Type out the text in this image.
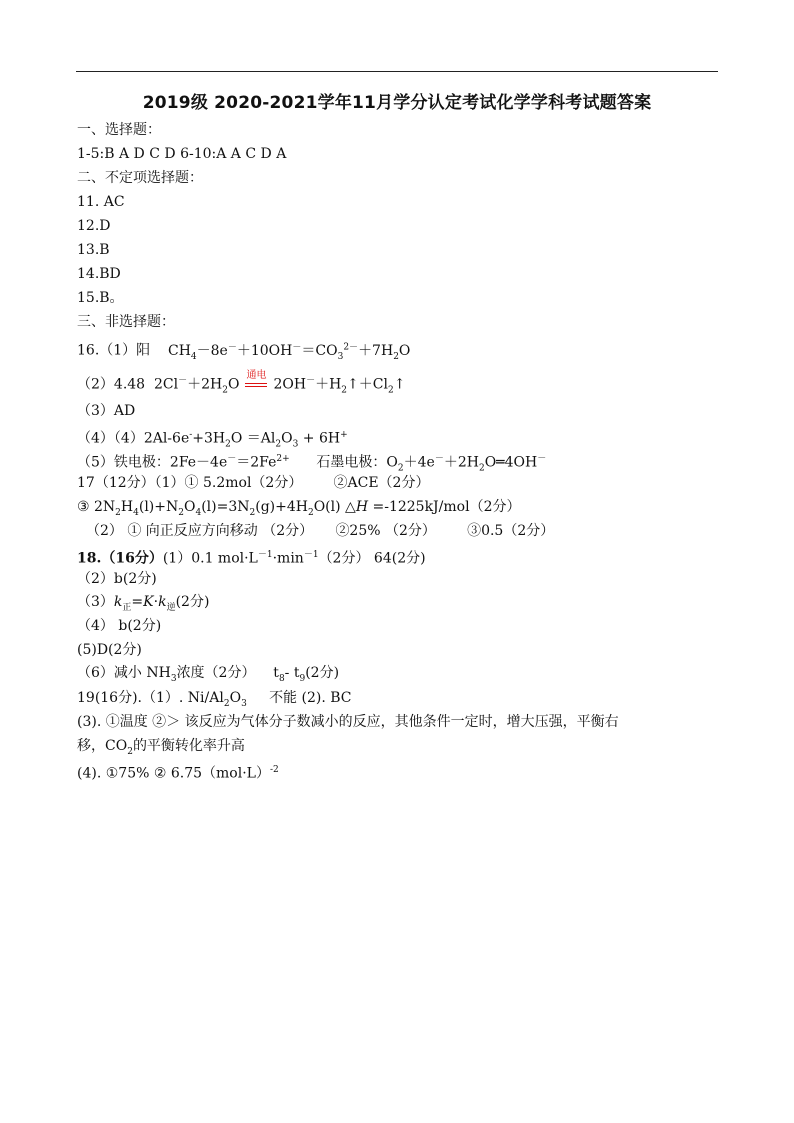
2019级 2020-2021学年11月学分认定考试化学学科考试题答案
一、选择题：
1-5:B A D C D 6-10:A A C D A
二、不定项选择题：
11. AC
12.D
13.B
14.BD
15.B。
三、非选择题：
16.（1）阳 $CH_4-8e^-+10OH^-=CO_3^{2-}+7H_2O$
（2）4.48 $2Cl^-+2H_2O$
通电
$2OH^-+H_2↑+Cl_2↑$
（3）AD
$(4)(4)2Al-6e^-+3H_2O =Al_2O_3 + 6H^+$
（5）铁电极：$2Fe-4e^-=2Fe^{2+}$ 石墨电极：$O_2+4e^-+2H_2O═4OH^-$
17（12分）（1）① 5.2mol（2分） ②ACE（2分）
③ $2N_2H_4(l)+N_2O_4(l)=3N_2(g)+4H_2O(l)$ △H =-1225kJ/mol（2分）
（2） ① 向正反应方向移动 （2分） ②25% （2分） ③0.5（2分）
18.（16分）(1）0.1 $mol\cdot L^{-1}\cdot\min^{-1}(2$分） 64(2分)
（2）b(2分)
$(3)k_正=K\cdot k_逆(2$分)
（4） b(2分)
(5)D(2分)
（6）减小 $NH_3$浓度（2分） $t_8-$ $t_9(2$分)
19(16分).（1）. $Ni/Al_2O_3$ 不能 (2). BC
(3). ①温度 ②＞ 该反应为气体分子数减小的反应，其他条件一定时，增大压强，平衡右
移，$CO_2$的平衡转化率升高
(4). ①75% ② $6.75(mol\cdot L)^{-2}$
